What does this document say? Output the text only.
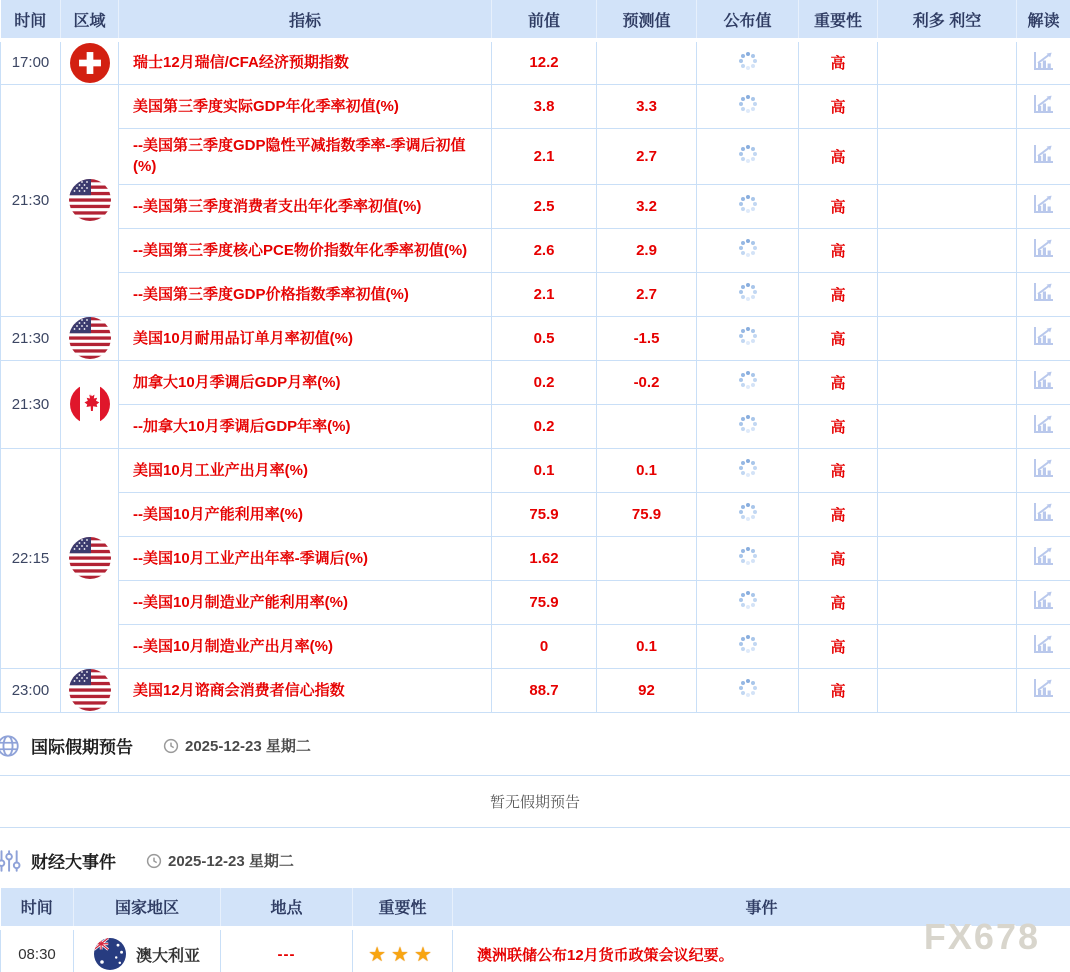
时间	区域	指标	前值	预测值	公布值	重要性	利多 利空	解读
17:00		瑞士12月瑞信/CFA经济预期指数	12.2			高		
21:30		美国第三季度实际GDP年化季率初值(%)	3.8	3.3		高		
		--美国第三季度GDP隐性平减指数季率-季调后初值(%)	2.1	2.7		高		
		--美国第三季度消费者支出年化季率初值(%)	2.5	3.2		高		
		--美国第三季度核心PCE物价指数年化季率初值(%)	2.6	2.9		高		
		--美国第三季度GDP价格指数季率初值(%)	2.1	2.7		高		
21:30		美国10月耐用品订单月率初值(%)	0.5	-1.5		高		
21:30		加拿大10月季调后GDP月率(%)	0.2	-0.2		高		
		--加拿大10月季调后GDP年率(%)	0.2			高		
22:15		美国10月工业产出月率(%)	0.1	0.1		高		
		--美国10月产能利用率(%)	75.9	75.9		高		
		--美国10月工业产出年率-季调后(%)	1.62			高		
		--美国10月制造业产能利用率(%)	75.9			高		
		--美国10月制造业产出月率(%)	0	0.1		高		
23:00		美国12月谘商会消费者信心指数	88.7	92		高		
国际假期预告	2025-12-23 星期二
暂无假期预告
财经大事件	2025-12-23 星期二
时间	国家地区	地点	重要性	事件
08:30	澳大利亚	---	★★★	澳洲联储公布12月货币政策会议纪要。	FX678
